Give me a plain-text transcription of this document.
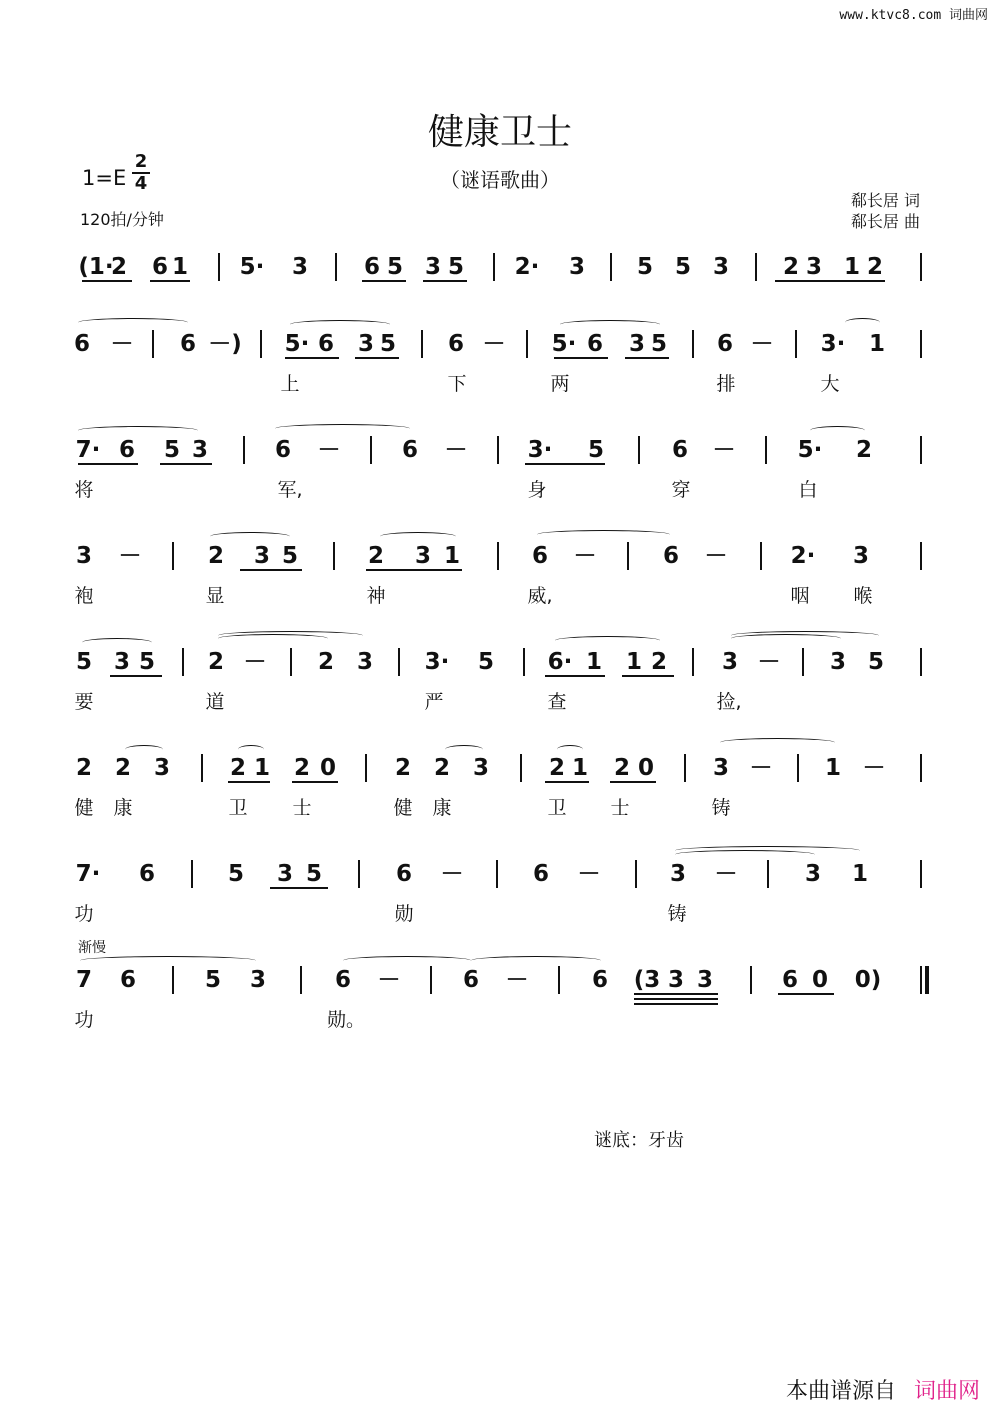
www.ktvc8.com 词曲网
健康卫士
（谜语歌曲）
$1=E \frac{2}{4}$
120拍/分钟
郗长居 词
郗长居 曲
渐慢
(1·
2 6 1 5· 3 6 5 3 5 2· 3 5 5 3 2 3 1 2
6 － 6 －) 5· 6 3 5 6 － 5· 6 3 5 6 － 3· 1
上	下	两	排	大
7· 6 5 3	6 －	6 －	3· 5	6 －	5· 2
将	军,	身	穿	白
3 －	2 3 5	2 3 1	6 －	6 －	2· 3
袍	显	神	威,	咽 喉
5 3 5 2 － 2 3 3· 5 6· 1 1 2 3 － 3 5
要	道	严	查	捡,
2 2 3	2 1 2 0	2 2 3	2 1 2 0	3 － 1 －
健 康	卫 士	健 康	卫 士	铸
7· 6	5 3 5	6 －	6 －	3 －	3 1
功	勋	铸
7 6	5 3	6 －	6 －	6 (3 3 3	6 0 0)
功	勋。
谜底：牙齿
本曲谱源自 词曲网
